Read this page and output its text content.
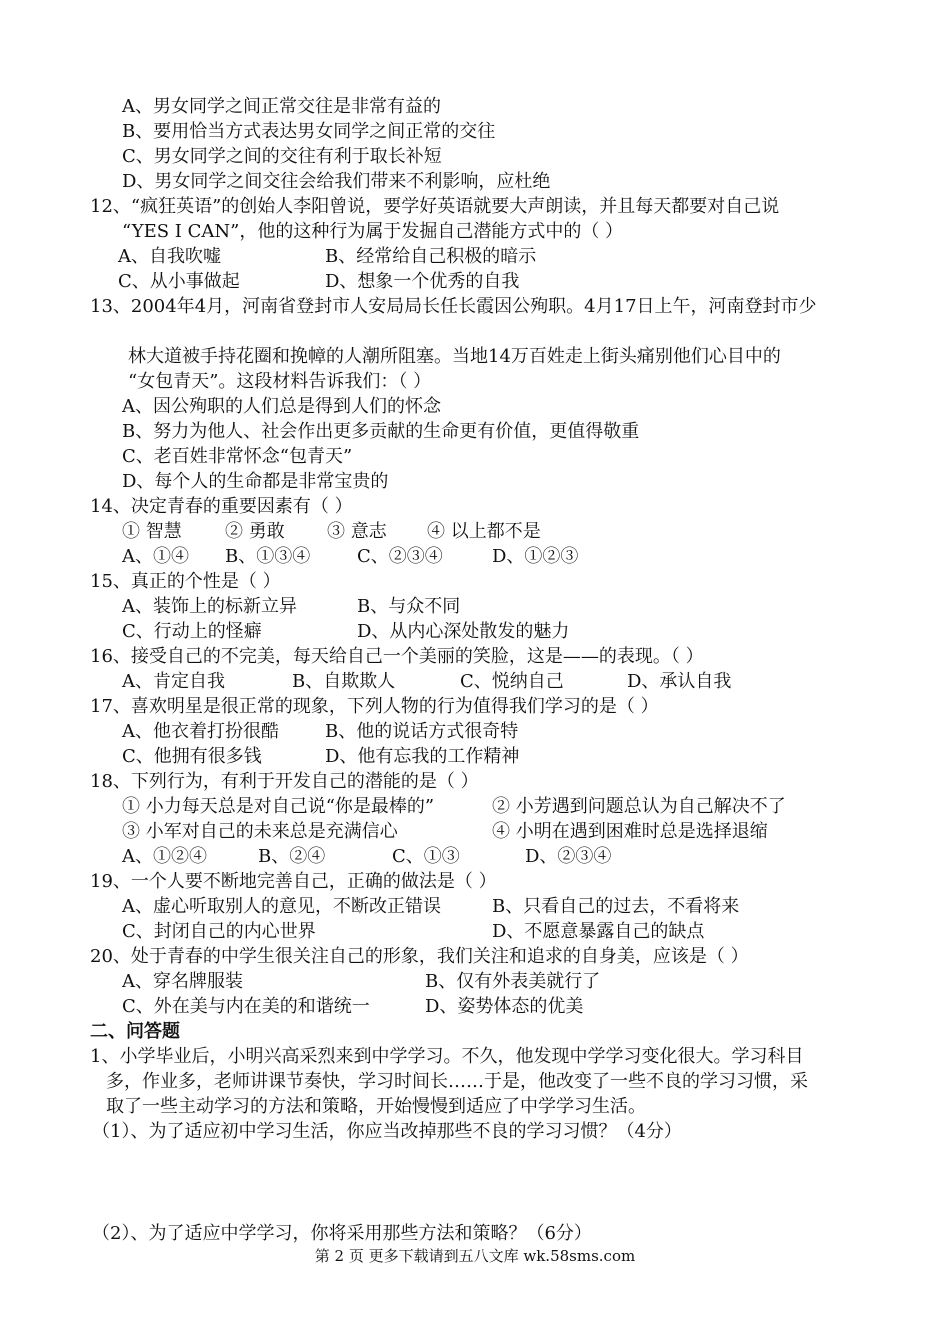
A、男女同学之间正常交往是非常有益的
B、要用恰当方式表达男女同学之间正常的交往
C、男女同学之间的交往有利于取长补短
D、男女同学之间交往会给我们带来不利影响，应杜绝
12、“疯狂英语”的创始人李阳曾说，要学好英语就要大声朗读，并且每天都要对自己说
“YES I CAN”，他的这种行为属于发掘自己潜能方式中的（ ）
A、自我吹嘘	B、经常给自己积极的暗示
C、从小事做起	D、想象一个优秀的自我
13、2004年4月，河南省登封市人安局局长任长霞因公殉职。4月17日上午，河南登封市少
林大道被手持花圈和挽幛的人潮所阻塞。当地14万百姓走上街头痛别他们心目中的
“女包青天”。这段材料告诉我们：（ ）
A、因公殉职的人们总是得到人们的怀念
B、努力为他人、社会作出更多贡献的生命更有价值，更值得敬重
C、老百姓非常怀念“包青天”
D、每个人的生命都是非常宝贵的
14、决定青春的重要因素有（ ）
① 智慧 ② 勇敢 ③ 意志 ④ 以上都不是
A、①④ B、①③④	C、②③④	D、①②③
15、真正的个性是（ ）
A、装饰上的标新立异	B、与众不同
C、行动上的怪癖	D、从内心深处散发的魅力
16、接受自己的不完美，每天给自己一个美丽的笑脸，这是——的表现。（ ）
A、肯定自我	B、自欺欺人	C、悦纳自己	D、承认自我
17、喜欢明星是很正常的现象，下列人物的行为值得我们学习的是（ ）
A、他衣着打扮很酷	B、他的说话方式很奇特
C、他拥有很多钱	D、他有忘我的工作精神
18、下列行为，有利于开发自己的潜能的是（ ）
① 小力每天总是对自己说“你是最棒的”	② 小芳遇到问题总认为自己解决不了
③ 小军对自己的未来总是充满信心	④ 小明在遇到困难时总是选择退缩
A、①②④	B、②④	C、①③	D、②③④
19、一个人要不断地完善自己，正确的做法是（ ）
A、虚心听取别人的意见，不断改正错误	B、只看自己的过去，不看将来
C、封闭自己的内心世界	D、不愿意暴露自己的缺点
20、处于青春的中学生很关注自己的形象，我们关注和追求的自身美，应该是（ ）
A、穿名牌服装	B、仅有外表美就行了
C、外在美与内在美的和谐统一	D、姿势体态的优美
二、问答题
1、小学毕业后，小明兴高采烈来到中学学习。不久，他发现中学学习变化很大。学习科目
多，作业多，老师讲课节奏快，学习时间长……于是，他改变了一些不良的学习习惯，采
取了一些主动学习的方法和策略，开始慢慢到适应了中学学习生活。
（1）、为了适应初中学习生活，你应当改掉那些不良的学习习惯？（4分）
（2）、为了适应中学学习，你将采用那些方法和策略？（6分）
第 2 页 更多下载请到五八文库 wk.58sms.com
